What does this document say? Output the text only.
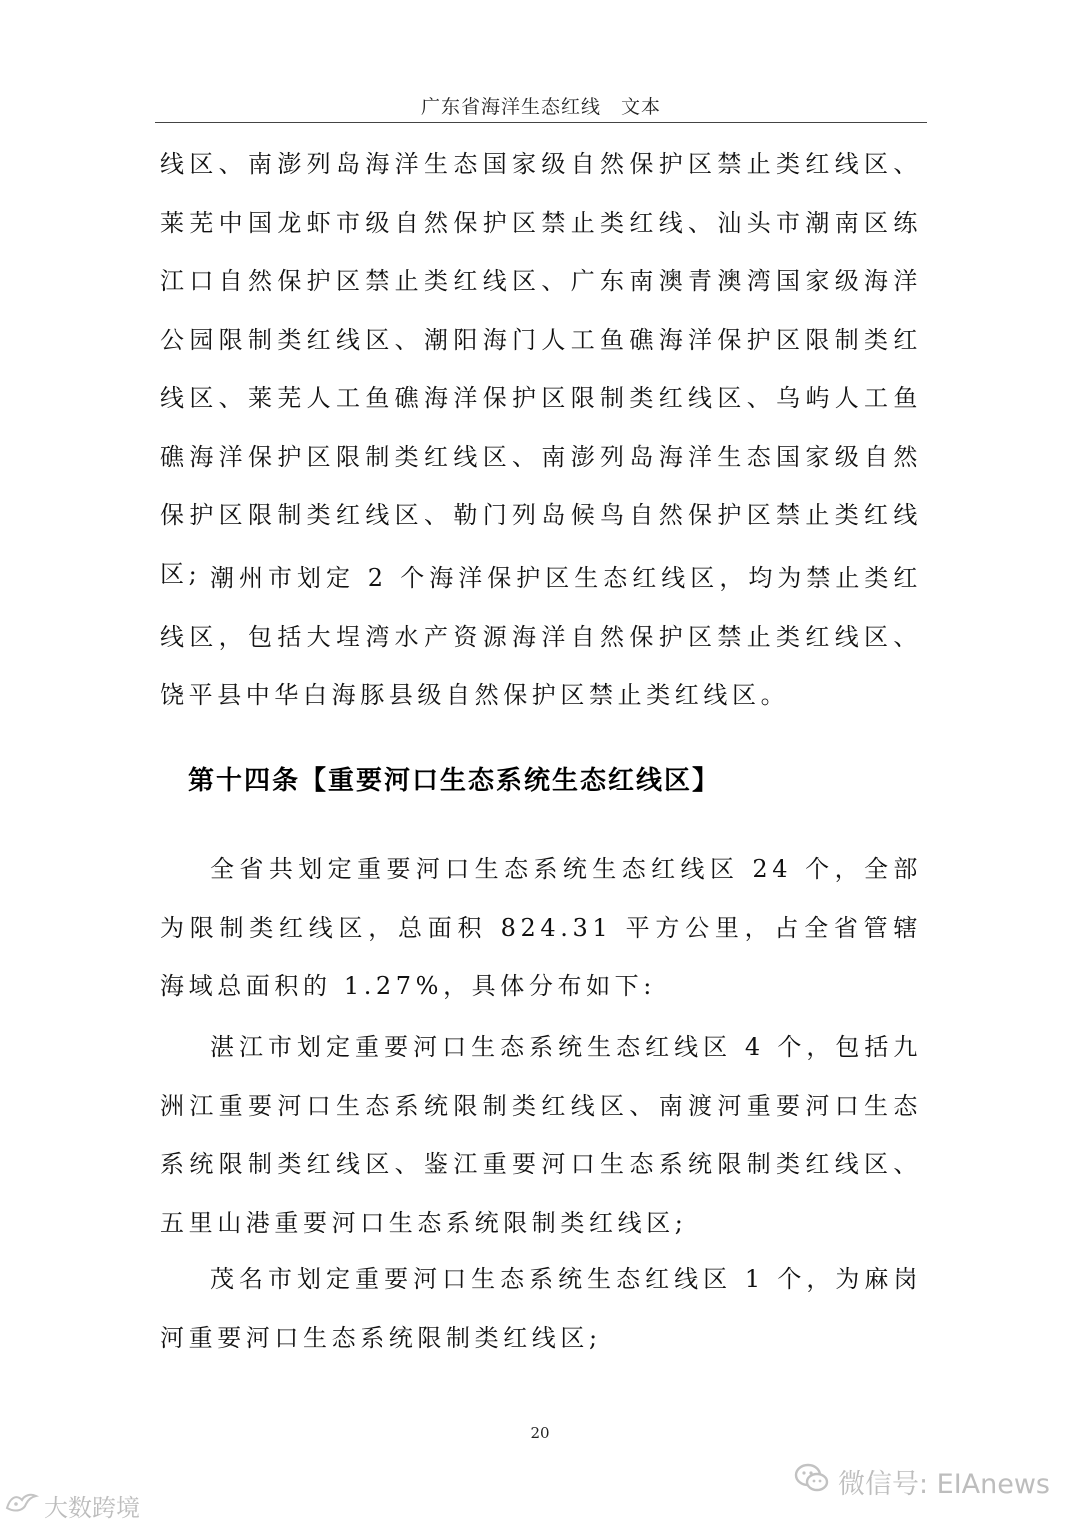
广东省海洋生态红线　文本

线区、南澎列岛海洋生态国家级自然保护区禁止类红线区、莱芜中国龙虾市级自然保护区禁止类红线、汕头市潮南区练江口自然保护区禁止类红线区、广东南澳青澳湾国家级海洋公园限制类红线区、潮阳海门人工鱼礁海洋保护区限制类红线区、莱芜人工鱼礁海洋保护区限制类红线区、乌屿人工鱼礁海洋保护区限制类红线区、南澎列岛海洋生态国家级自然保护区限制类红线区、勒门列岛候鸟自然保护区禁止类红线区; 潮州市划定 2 个海洋保护区生态红线区，均为禁止类红线区，包括大埕湾水产资源海洋自然保护区禁止类红线区、饶平县中华白海豚县级自然保护区禁止类红线区。

第十四条【重要河口生态系统生态红线区】

全省共划定重要河口生态系统生态红线区 24 个，全部为限制类红线区，总面积 824.31 平方公里，占全省管辖海域总面积的 1.27%，具体分布如下:

湛江市划定重要河口生态系统生态红线区 4 个，包括九洲江重要河口生态系统限制类红线区、南渡河重要河口生态系统限制类红线区、鉴江重要河口生态系统限制类红线区、五里山港重要河口生态系统限制类红线区;

茂名市划定重要河口生态系统生态红线区 1 个，为麻岗河重要河口生态系统限制类红线区;

20
大数跨境
微信号: EIAnews
